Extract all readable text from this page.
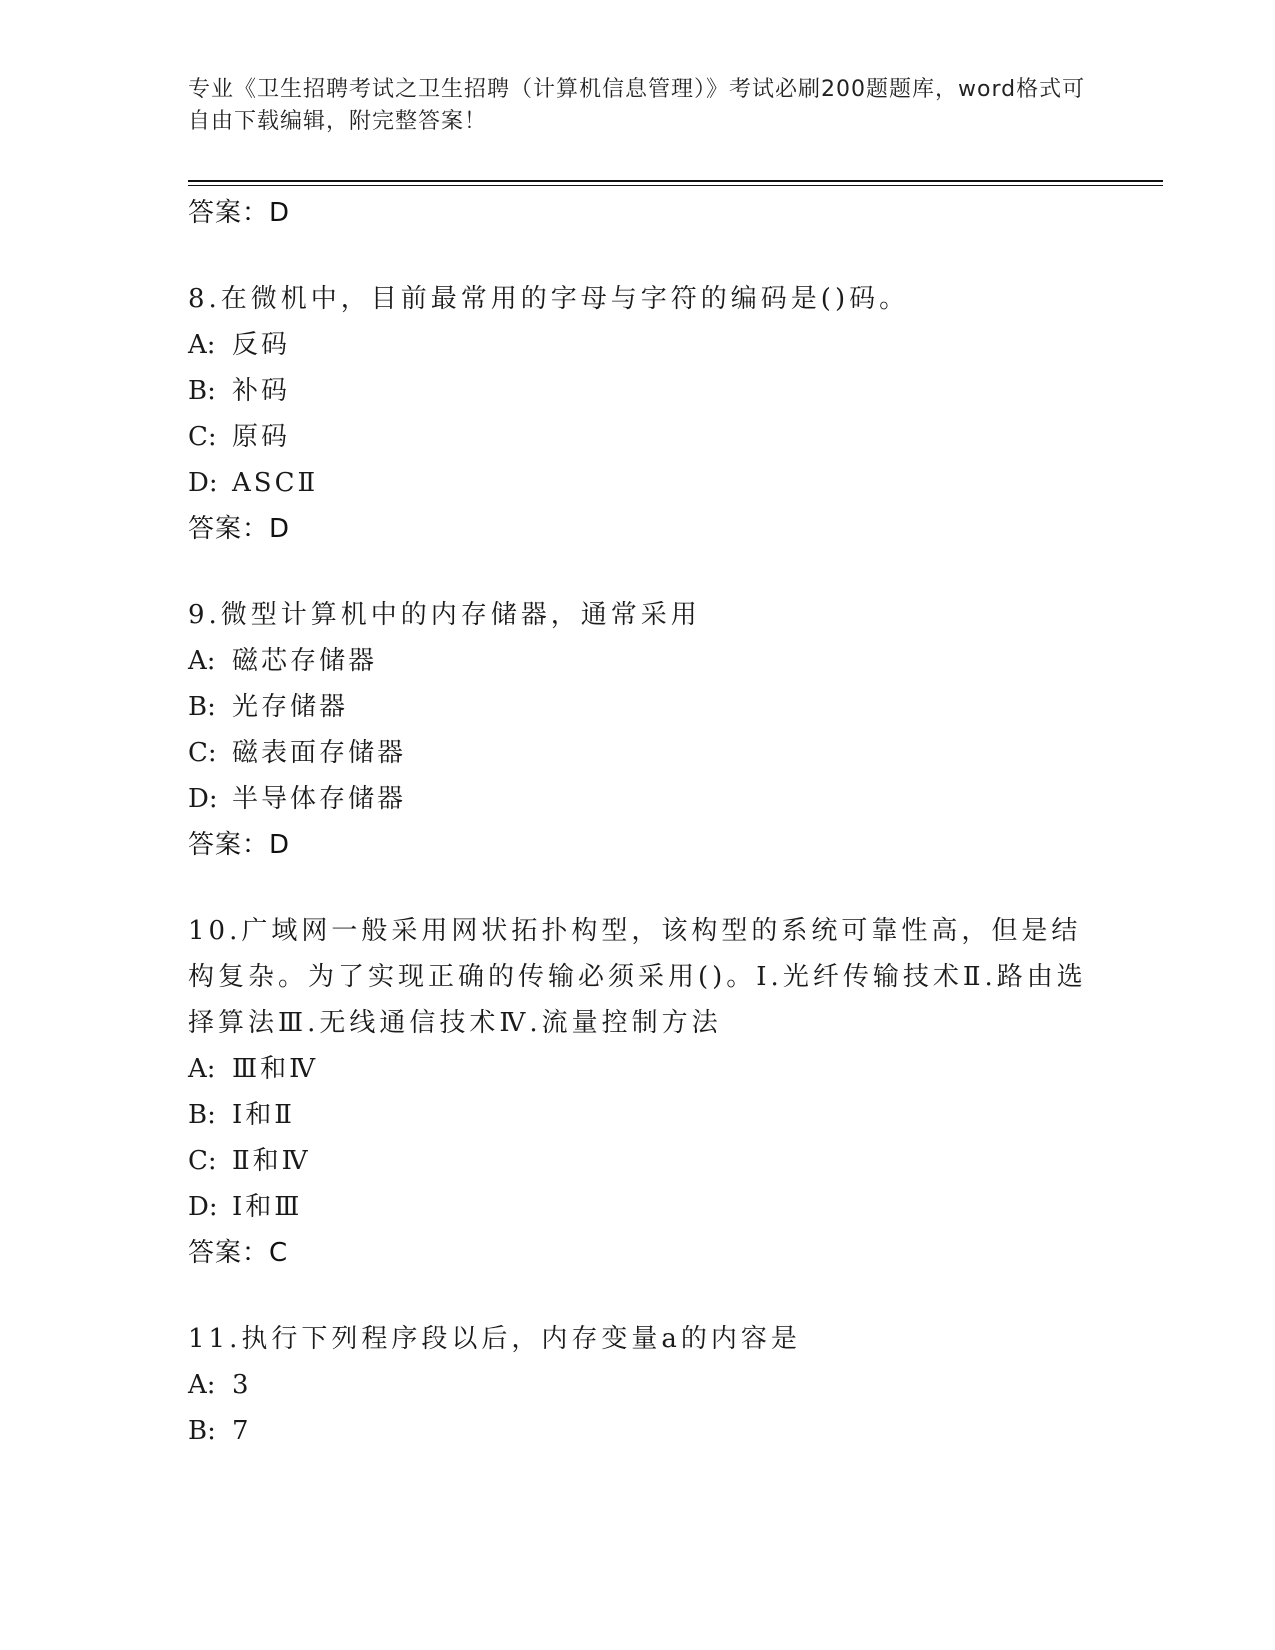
专业《卫生招聘考试之卫生招聘（计算机信息管理）》考试必刷200题题库，word格式可自由下载编辑，附完整答案！
答案：D
8.在微机中，目前最常用的字母与字符的编码是()码。
A: 反码
B: 补码
C: 原码
D: ASCⅡ
答案：D
9.微型计算机中的内存储器，通常采用
A: 磁芯存储器
B: 光存储器
C: 磁表面存储器
D: 半导体存储器
答案：D
10.广域网一般采用网状拓扑构型，该构型的系统可靠性高，但是结构复杂。为了实现正确的传输必须采用()。Ⅰ.光纤传输技术Ⅱ.路由选择算法Ⅲ.无线通信技术Ⅳ.流量控制方法
A: Ⅲ和Ⅳ
B: Ⅰ和Ⅱ
C: Ⅱ和Ⅳ
D: Ⅰ和Ⅲ
答案：C
11.执行下列程序段以后，内存变量a的内容是
A: 3
B: 7
